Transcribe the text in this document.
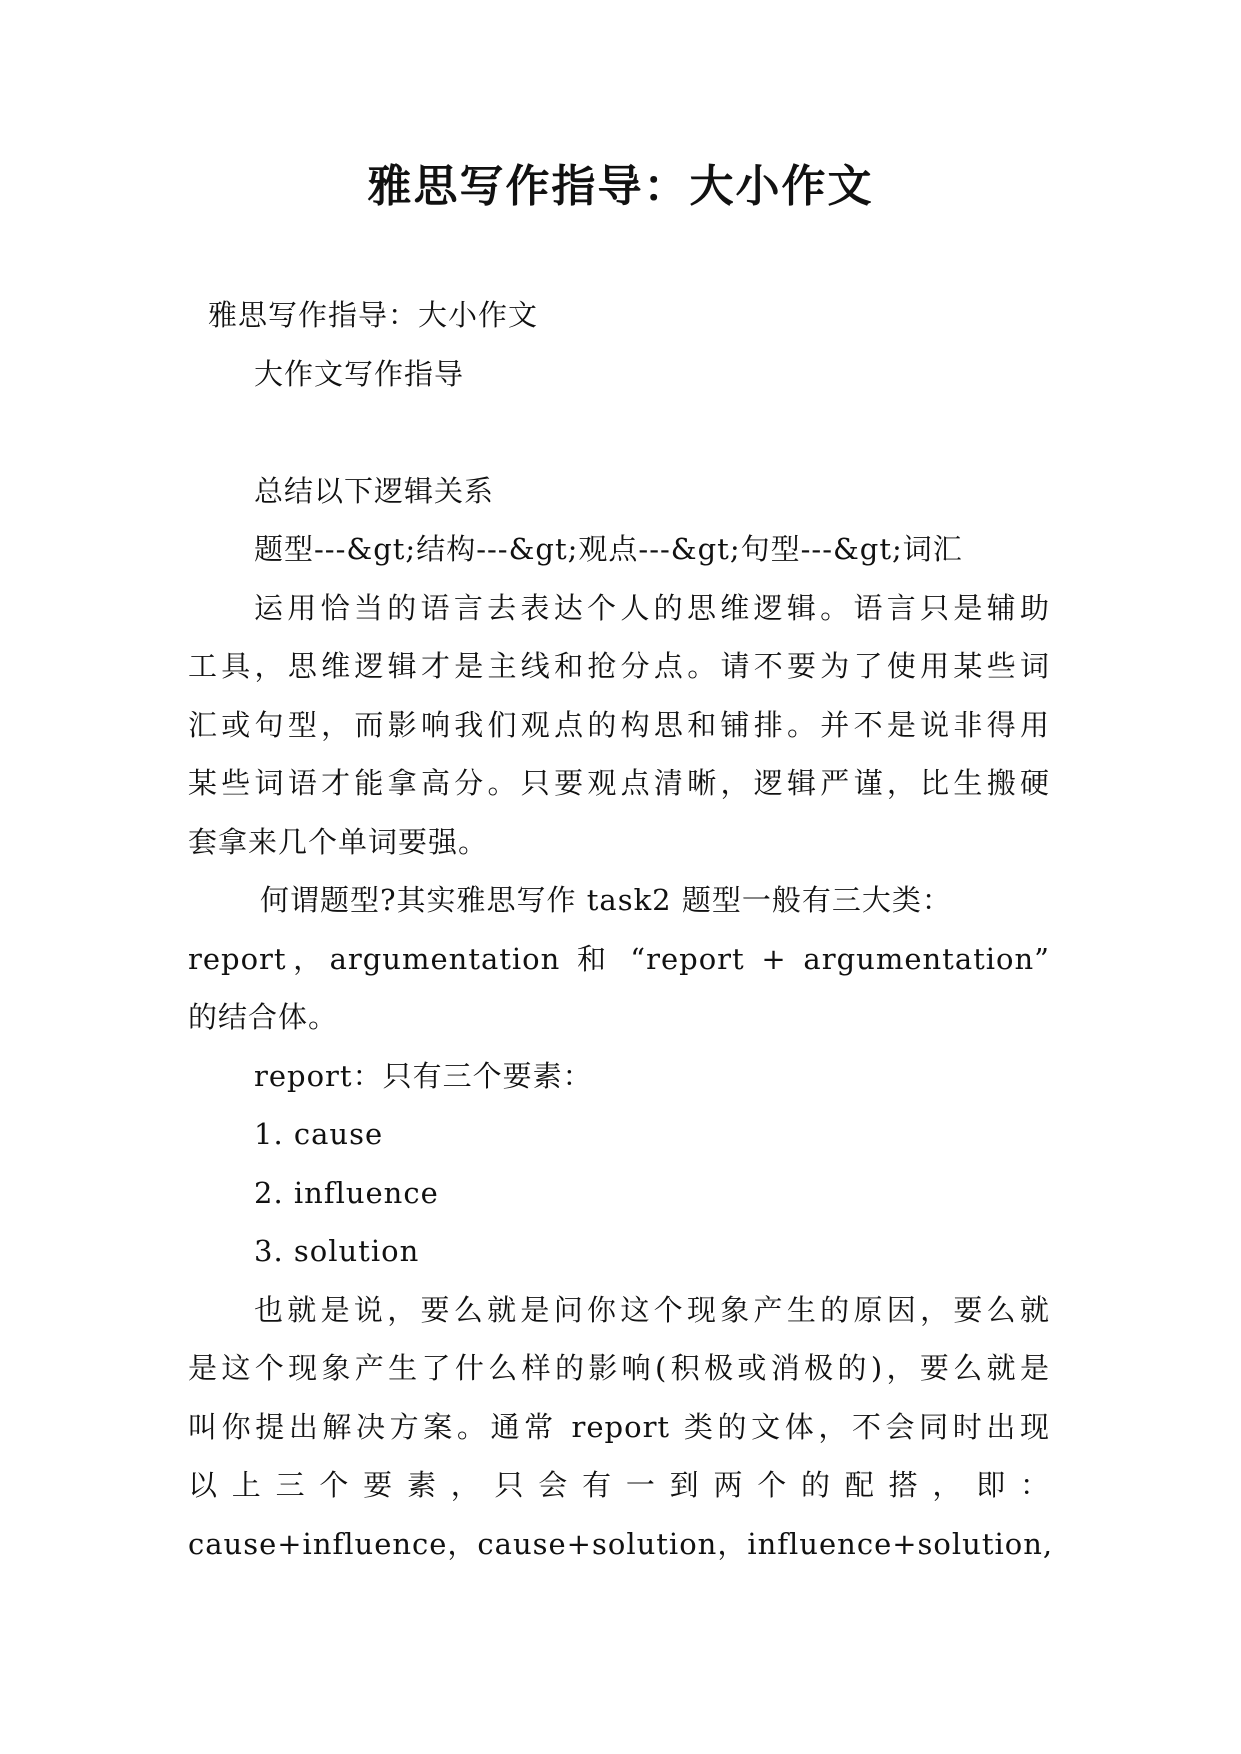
雅思写作指导：大小作文
雅思写作指导：大小作文
大作文写作指导
总结以下逻辑关系
题型---&gt;结构---&gt;观点---&gt;句型---&gt;词汇
运用恰当的语言去表达个人的思维逻辑。语言只是辅助
工具，思维逻辑才是主线和抢分点。请不要为了使用某些词
汇或句型，而影响我们观点的构思和铺排。并不是说非得用
某些词语才能拿高分。只要观点清晰，逻辑严谨，比生搬硬
套拿来几个单词要强。
何谓题型?其实雅思写作 task2 题型一般有三大类：
report，argumentation 和 “report + argumentation”
的结合体。
report：只有三个要素：
1. cause
2. influence
3. solution
也就是说，要么就是问你这个现象产生的原因，要么就
是这个现象产生了什么样的影响(积极或消极的)，要么就是
叫你提出解决方案。通常 report 类的文体，不会同时出现
以上三个要素，只会有一到两个的配搭，即：
cause+influence，cause+solution，influence+solution,
